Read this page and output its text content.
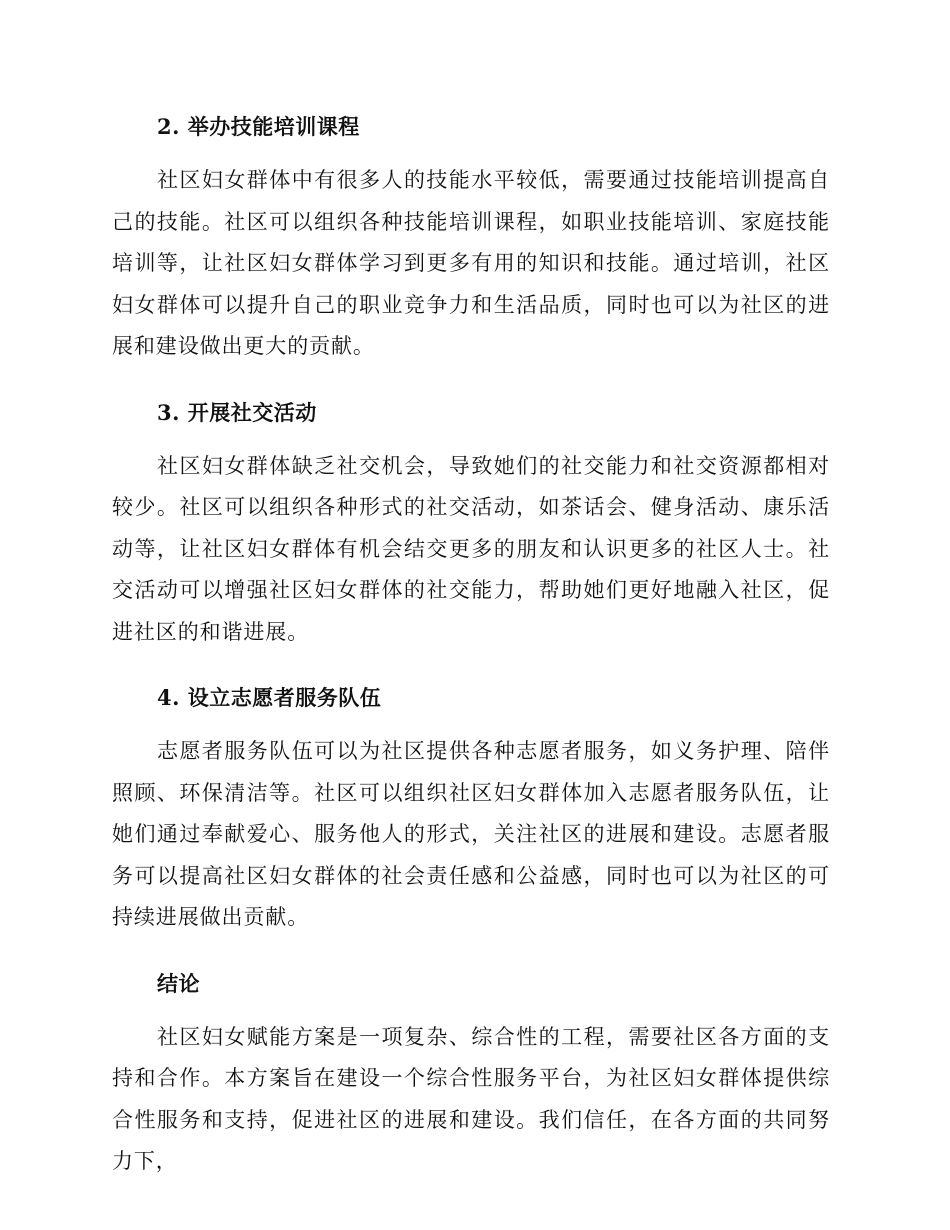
2. 举办技能培训课程

社区妇女群体中有很多人的技能水平较低，需要通过技能培训提高自己的技能。社区可以组织各种技能培训课程，如职业技能培训、家庭技能培训等，让社区妇女群体学习到更多有用的知识和技能。通过培训，社区妇女群体可以提升自己的职业竞争力和生活品质，同时也可以为社区的进展和建设做出更大的贡献。

3. 开展社交活动

社区妇女群体缺乏社交机会，导致她们的社交能力和社交资源都相对较少。社区可以组织各种形式的社交活动，如茶话会、健身活动、康乐活动等，让社区妇女群体有机会结交更多的朋友和认识更多的社区人士。社交活动可以增强社区妇女群体的社交能力，帮助她们更好地融入社区，促进社区的和谐进展。

4. 设立志愿者服务队伍

志愿者服务队伍可以为社区提供各种志愿者服务，如义务护理、陪伴照顾、环保清洁等。社区可以组织社区妇女群体加入志愿者服务队伍，让她们通过奉献爱心、服务他人的形式，关注社区的进展和建设。志愿者服务可以提高社区妇女群体的社会责任感和公益感，同时也可以为社区的可持续进展做出贡献。

结论

社区妇女赋能方案是一项复杂、综合性的工程，需要社区各方面的支持和合作。本方案旨在建设一个综合性服务平台，为社区妇女群体提供综合性服务和支持，促进社区的进展和建设。我们信任，在各方面的共同努力下，
